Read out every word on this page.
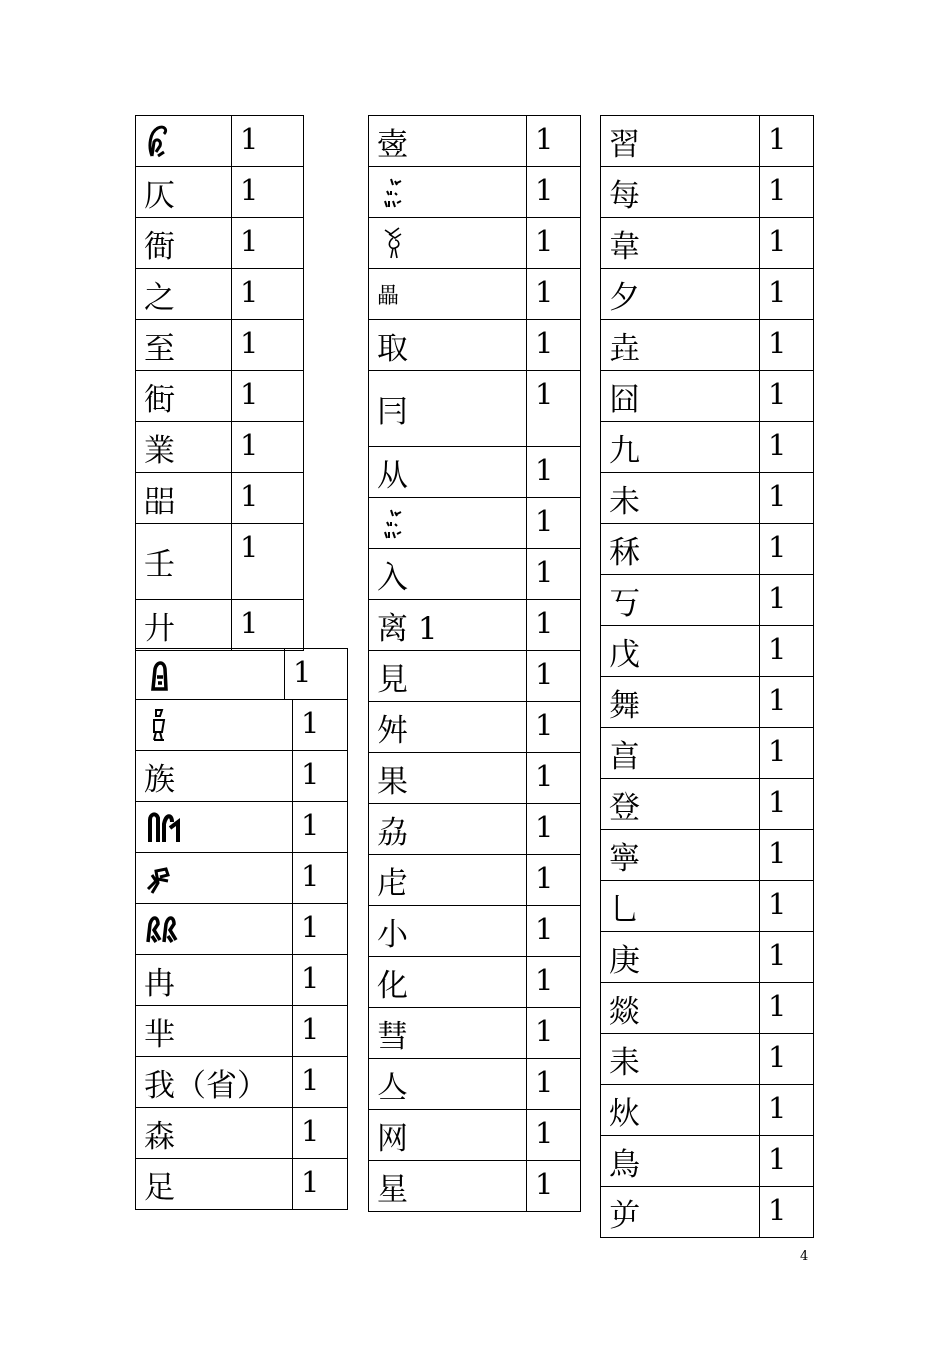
	1
仄	1
衙	1
之	1
至	1
衐	1
業	1
㗊	1
壬	1
廾	1
	1
	1
族	1
	1
	1
	1
冉	1
芈	1
我（省）	1
森	1
足	1
㚃	1
	1
	1
畾	1
取	1
冃	1
从	1
	1
入	1
离 1	1
見	1
舛	1
果	1
劦	1
虍	1
小	1
化	1
彗	1
亼	1
网	1
星	1
習	1
每	1
韋	1
夕	1
垚	1
囧	1
九	1
未	1
秝	1
丂	1
戊	1
舞	1
亯	1
登	1
寧	1
乚	1
庚	1
燚	1
耒	1
炏	1
鳥	1
屰	1
4
